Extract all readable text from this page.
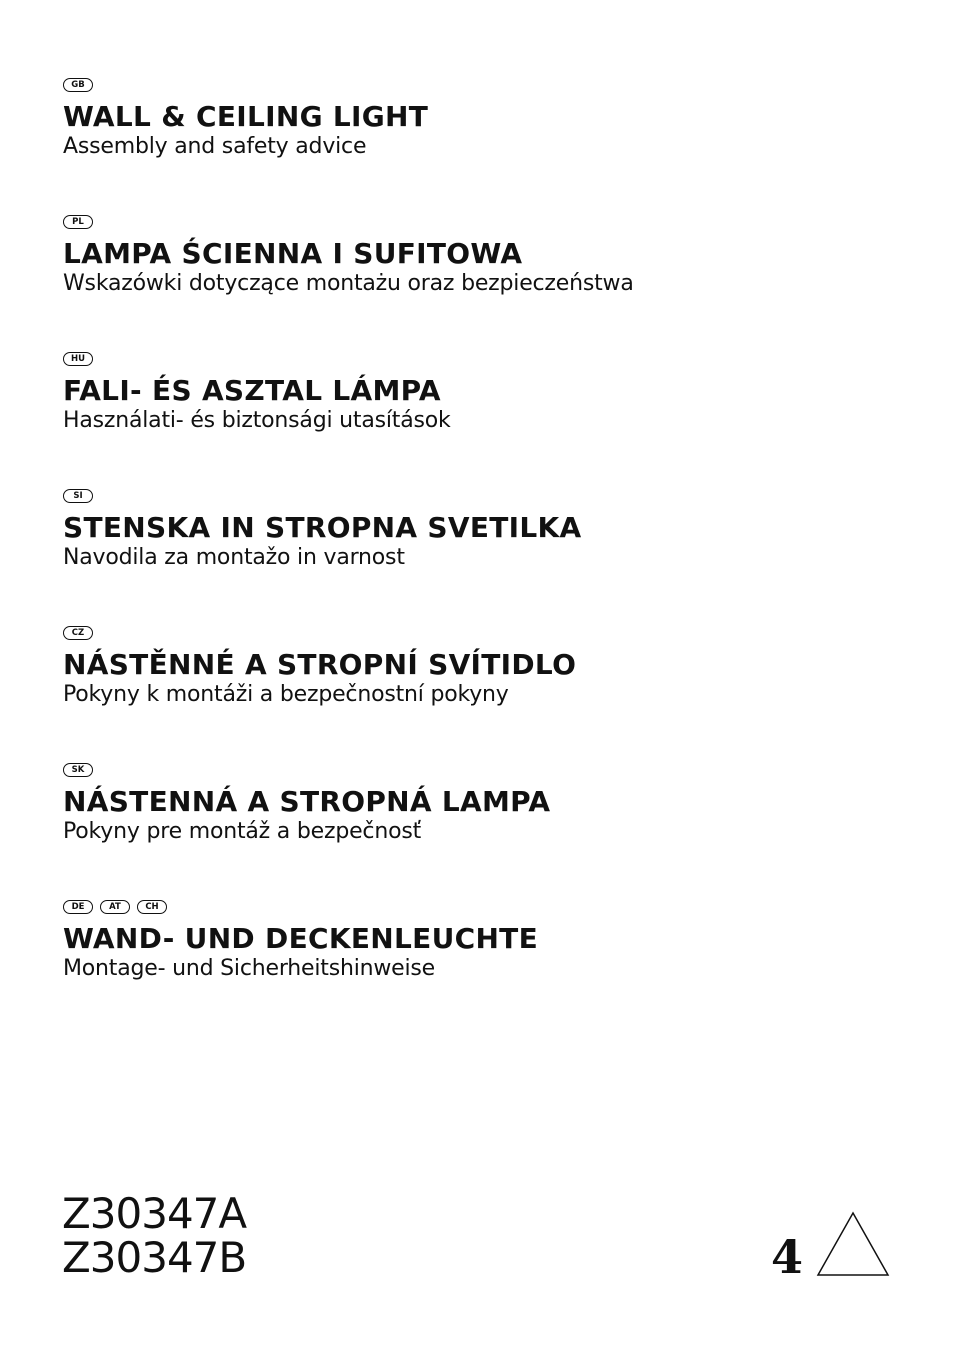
GB
WALL & CEILING LIGHT
Assembly and safety advice
PL
LAMPA ŚCIENNA I SUFITOWA
Wskazówki dotyczące montażu oraz bezpieczeństwa
HU
FALI- ÉS ASZTAL LÁMPA
Használati- és biztonsági utasítások
SI
STENSKA IN STROPNA SVETILKA
Navodila za montažo in varnost
CZ
NÁSTĚNNÉ A STROPNÍ SVÍTIDLO
Pokyny k montáži a bezpečnostní pokyny
SK
NÁSTENNÁ A STROPNÁ LAMPA
Pokyny pre montáž a bezpečnosť
DE	AT	CH
WAND- UND DECKENLEUCHTE
Montage- und Sicherheitshinweise
Z30347A
Z30347B	4
